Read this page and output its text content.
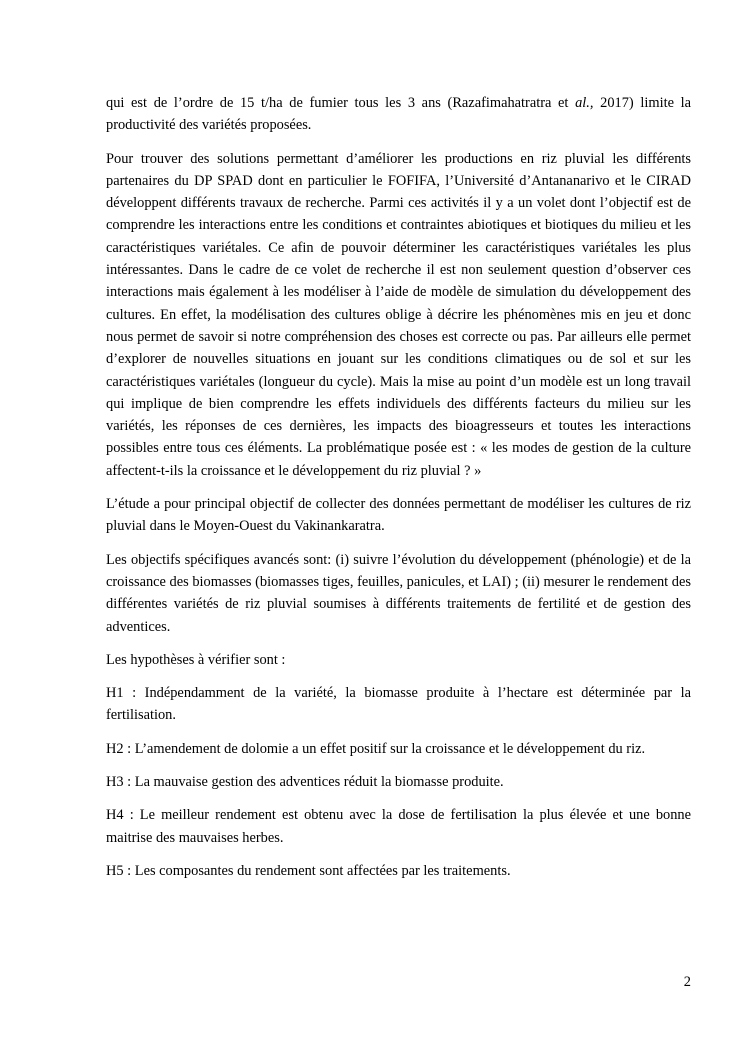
qui est de l’ordre de 15 t/ha de fumier tous les 3 ans (Razafimahatratra et al., 2017) limite la productivité des variétés proposées.

Pour trouver des solutions permettant d’améliorer les productions en riz pluvial les différents partenaires du DP SPAD dont en particulier le FOFIFA, l’Université d’Antananarivo et le CIRAD développent différents travaux de recherche. Parmi ces activités il y a un volet dont l’objectif est de comprendre les interactions entre les conditions et contraintes abiotiques et biotiques du milieu et les caractéristiques variétales. Ce afin de pouvoir déterminer les caractéristiques variétales les plus intéressantes. Dans le cadre de ce volet de recherche il est non seulement question d’observer ces interactions mais également à les modéliser à l’aide de modèle de simulation du développement des cultures. En effet, la modélisation des cultures oblige à décrire les phénomènes mis en jeu et donc nous permet de savoir si notre compréhension des choses est correcte ou pas. Par ailleurs elle permet d’explorer de nouvelles situations en jouant sur les conditions climatiques ou de sol et sur les caractéristiques variétales (longueur du cycle). Mais la mise au point d’un modèle est un long travail qui implique de bien comprendre les effets individuels des différents facteurs du milieu sur les variétés, les réponses de ces dernières, les impacts des bioagresseurs et toutes les interactions possibles entre tous ces éléments. La problématique posée est : « les modes de gestion de la culture affectent-t-ils la croissance et le développement du riz pluvial ? »

L’étude a pour principal objectif de collecter des données permettant de modéliser les cultures de riz pluvial dans le Moyen-Ouest du Vakinankaratra.

Les objectifs spécifiques avancés sont: (i) suivre l’évolution du développement (phénologie) et de la croissance des biomasses (biomasses tiges, feuilles, panicules, et LAI) ; (ii) mesurer le rendement des différentes variétés de riz pluvial soumises à différents traitements de fertilité et de gestion des adventices.

Les hypothèses à vérifier sont :

H1 : Indépendamment de la variété, la biomasse produite à l’hectare est déterminée par la fertilisation.

H2 : L’amendement de dolomie a un effet positif sur la croissance et le développement du riz.

H3 : La mauvaise gestion des adventices réduit la biomasse produite.

H4 : Le meilleur rendement est obtenu avec la dose de fertilisation la plus élevée et une bonne maitrise des mauvaises herbes.

H5 : Les composantes du rendement sont affectées par les traitements.

2
